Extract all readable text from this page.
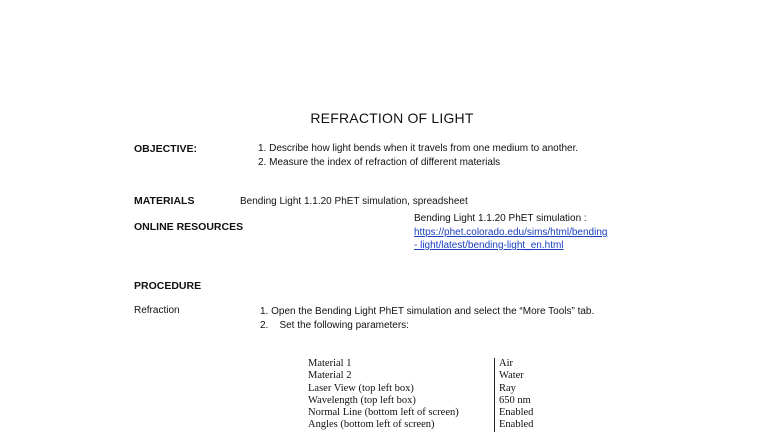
REFRACTION OF LIGHT
OBJECTIVE:	1. Describe how light bends when it travels from one medium to another.
2. Measure the index of refraction of different materials
MATERIALS	Bending Light 1.1.20 PhET simulation, spreadsheet
ONLINE RESOURCES
Bending Light 1.1.20 PhET simulation :
https://phet.colorado.edu/sims/html/bending
- light/latest/bending-light_en.html
PROCEDURE
Refraction	1. Open the Bending Light PhET simulation and select the “More Tools” tab.
2.    Set the following parameters:
Material 1	Air
Material 2	Water
Laser View (top left box)	Ray
Wavelength (top left box)	650 nm
Normal Line (bottom left of screen)	Enabled
Angles (bottom left of screen)	Enabled
